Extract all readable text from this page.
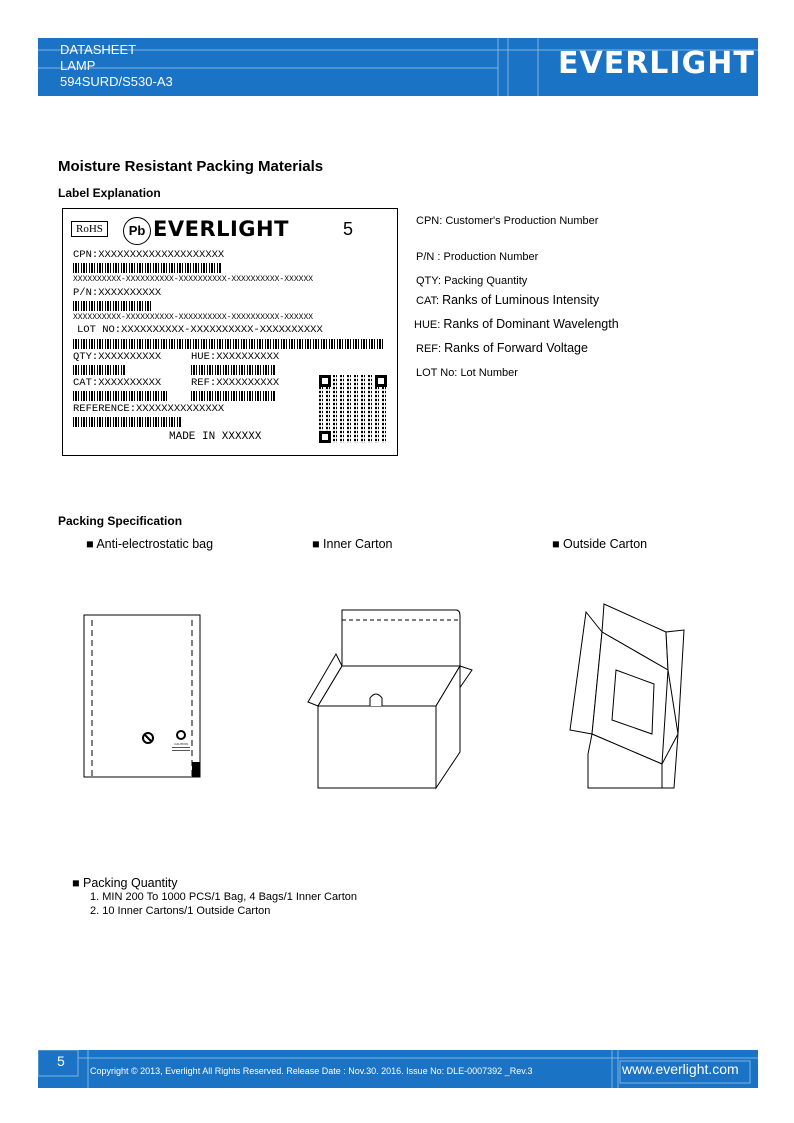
DATASHEET
LAMP
594SURD/S530-A3
EVERLIGHT
Moisture Resistant Packing Materials
Label Explanation
RoHS	Pb EVERLIGHT	5
CPN:XXXXXXXXXXXXXXXXXXXX
XXXXXXXXXX-XXXXXXXXXX-XXXXXXXXXX-XXXXXXXXXX-XXXXXX
P/N:XXXXXXXXXX
XXXXXXXXXX-XXXXXXXXXX-XXXXXXXXXX-XXXXXXXXXX-XXXXXX
LOT NO:XXXXXXXXXX-XXXXXXXXXX-XXXXXXXXXX
QTY:XXXXXXXXXX	HUE:XXXXXXXXXX
CAT:XXXXXXXXXX	REF:XXXXXXXXXX
REFERENCE:XXXXXXXXXXXXXX
MADE IN XXXXXX
CPN: Customer's Production Number
P/N : Production Number
QTY: Packing Quantity
CAT: Ranks of Luminous Intensity
HUE: Ranks of Dominant Wavelength
REF: Ranks of Forward Voltage
LOT No: Lot Number
Packing Specification
■ Anti-electrostatic bag	■ Inner Carton	■ Outside Carton
CAUTION
■ Packing Quantity
1. MIN 200 To 1000 PCS/1 Bag, 4 Bags/1 Inner Carton
2. 10 Inner Cartons/1 Outside Carton
5
Copyright © 2013, Everlight All Rights Reserved. Release Date : Nov.30. 2016. Issue No: DLE-0007392 _Rev.3	www.everlight.com
